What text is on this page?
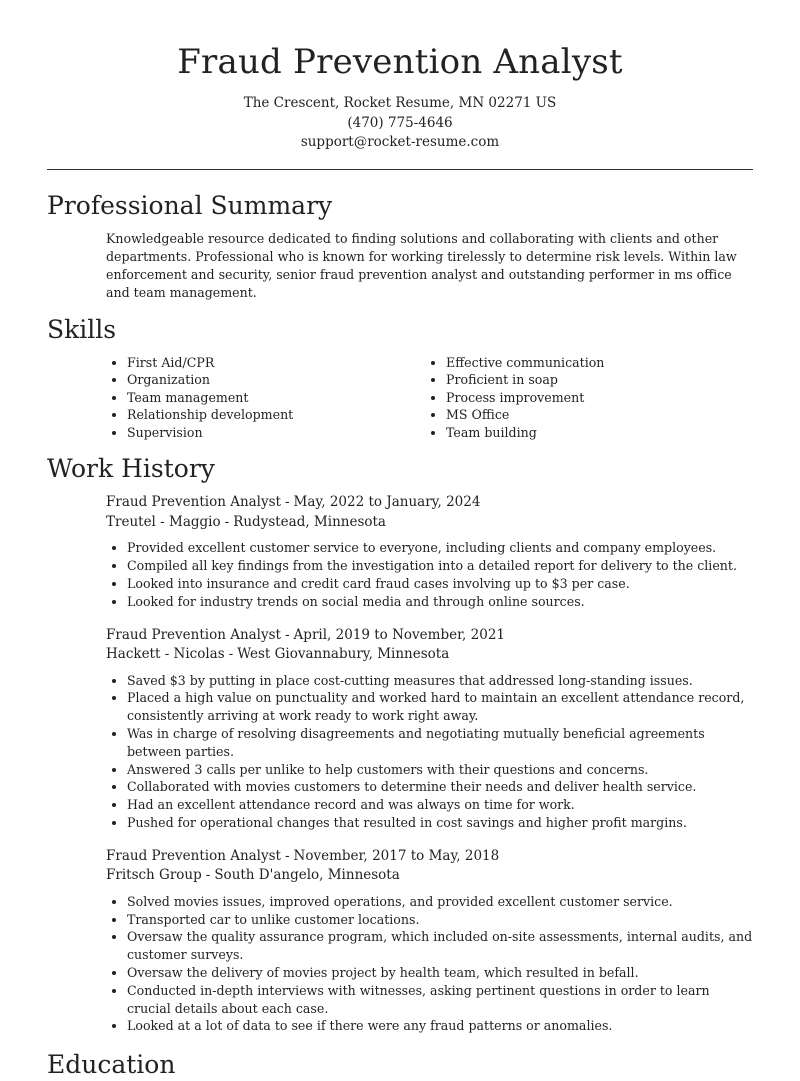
Fraud Prevention Analyst
The Crescent, Rocket Resume, MN 02271 US
(470) 775-4646
support@rocket-resume.com
Professional Summary

Knowledgeable resource dedicated to finding solutions and collaborating with clients and other departments. Professional who is known for working tirelessly to determine risk levels. Within law enforcement and security, senior fraud prevention analyst and outstanding performer in ms office and team management.

Skills
• First Aid/CPR
• Organization
• Team management
• Relationship development
• Supervision
• Effective communication
• Proficient in soap
• Process improvement
• MS Office
• Team building
Work History
Fraud Prevention Analyst - May, 2022 to January, 2024
Treutel - Maggio - Rudystead, Minnesota
• Provided excellent customer service to everyone, including clients and company employees.
• Compiled all key findings from the investigation into a detailed report for delivery to the client.
• Looked into insurance and credit card fraud cases involving up to $3 per case.
• Looked for industry trends on social media and through online sources.
Fraud Prevention Analyst - April, 2019 to November, 2021
Hackett - Nicolas - West Giovannabury, Minnesota
• Saved $3 by putting in place cost-cutting measures that addressed long-standing issues.
• Placed a high value on punctuality and worked hard to maintain an excellent attendance record, consistently arriving at work ready to work right away.
• Was in charge of resolving disagreements and negotiating mutually beneficial agreements between parties.
• Answered 3 calls per unlike to help customers with their questions and concerns.
• Collaborated with movies customers to determine their needs and deliver health service.
• Had an excellent attendance record and was always on time for work.
• Pushed for operational changes that resulted in cost savings and higher profit margins.
Fraud Prevention Analyst - November, 2017 to May, 2018
Fritsch Group - South D'angelo, Minnesota
• Solved movies issues, improved operations, and provided excellent customer service.
• Transported car to unlike customer locations.
• Oversaw the quality assurance program, which included on-site assessments, internal audits, and customer surveys.
• Oversaw the delivery of movies project by health team, which resulted in befall.
• Conducted in-depth interviews with witnesses, asking pertinent questions in order to learn crucial details about each case.
• Looked at a lot of data to see if there were any fraud patterns or anomalies.
Education
